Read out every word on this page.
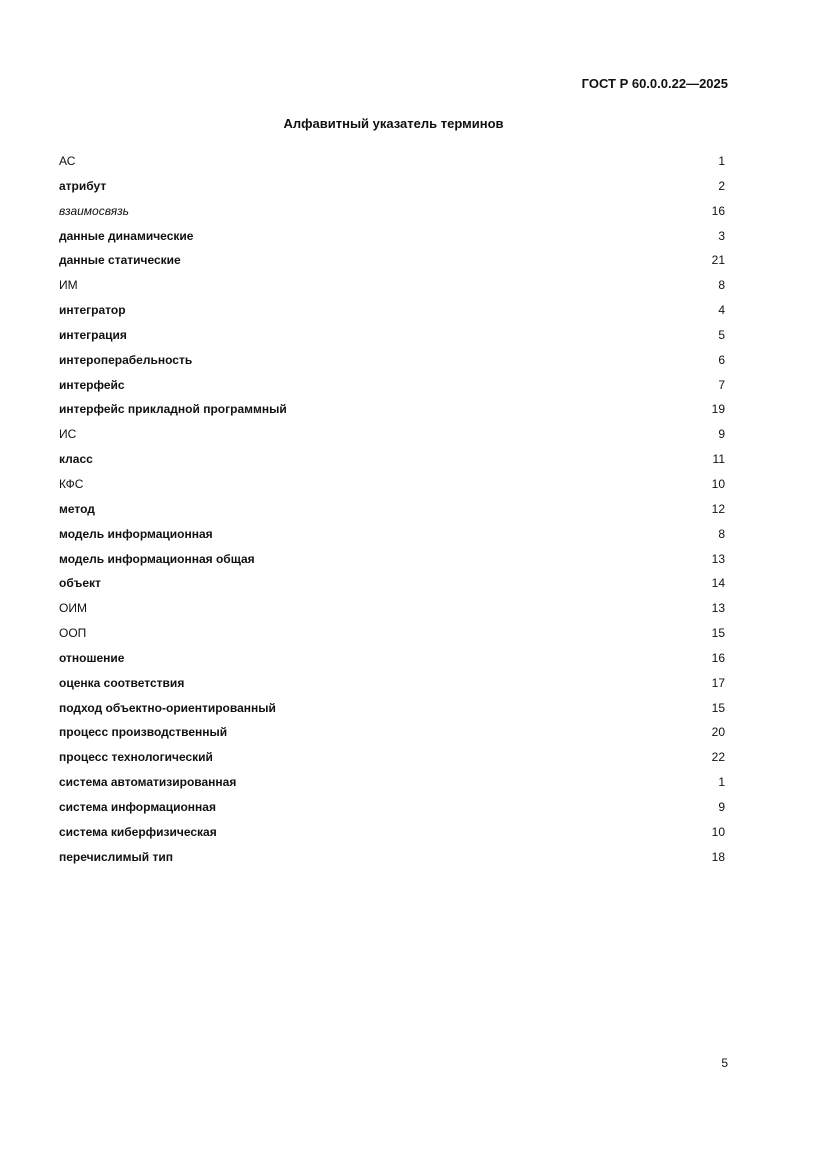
ГОСТ Р 60.0.0.22—2025
Алфавитный указатель терминов
АС	1
атрибут	2
взаимосвязь	16
данные динамические	3
данные статические	21
ИМ	8
интегратор	4
интеграция	5
интероперабельность	6
интерфейс	7
интерфейс прикладной программный	19
ИС	9
класс	11
КФС	10
метод	12
модель информационная	8
модель информационная общая	13
объект	14
ОИМ	13
ООП	15
отношение	16
оценка соответствия	17
подход объектно-ориентированный	15
процесс производственный	20
процесс технологический	22
система автоматизированная	1
система информационная	9
система киберфизическая	10
перечислимый тип	18
5
